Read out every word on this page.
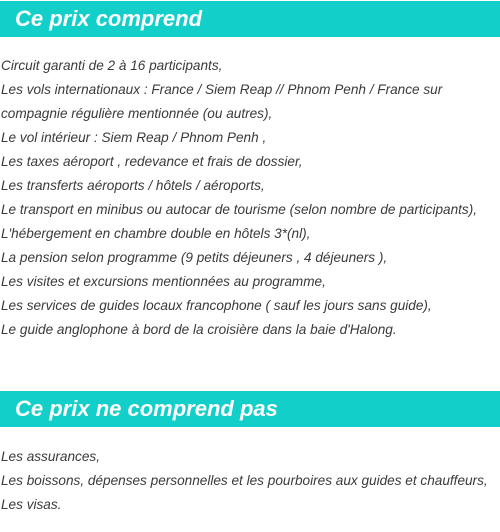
Ce prix comprend
Circuit garanti de 2 à 16 participants,
Les vols internationaux : France / Siem Reap // Phnom Penh / France sur compagnie régulière mentionnée (ou autres),
Le vol intérieur : Siem Reap / Phnom Penh ,
Les taxes aéroport , redevance et frais de dossier,
Les transferts aéroports / hôtels / aéroports,
Le transport en minibus ou autocar de tourisme (selon nombre de participants),
L'hébergement en chambre double en hôtels 3*(nl),
La pension selon programme (9 petits déjeuners , 4 déjeuners ),
Les visites et excursions mentionnées au programme,
Les services de guides locaux francophone ( sauf les jours sans guide),
Le guide anglophone à bord de la croisière dans la baie d'Halong.
Ce prix ne comprend pas
Les assurances,
Les boissons, dépenses personnelles et les pourboires aux guides et chauffeurs,
Les visas.
